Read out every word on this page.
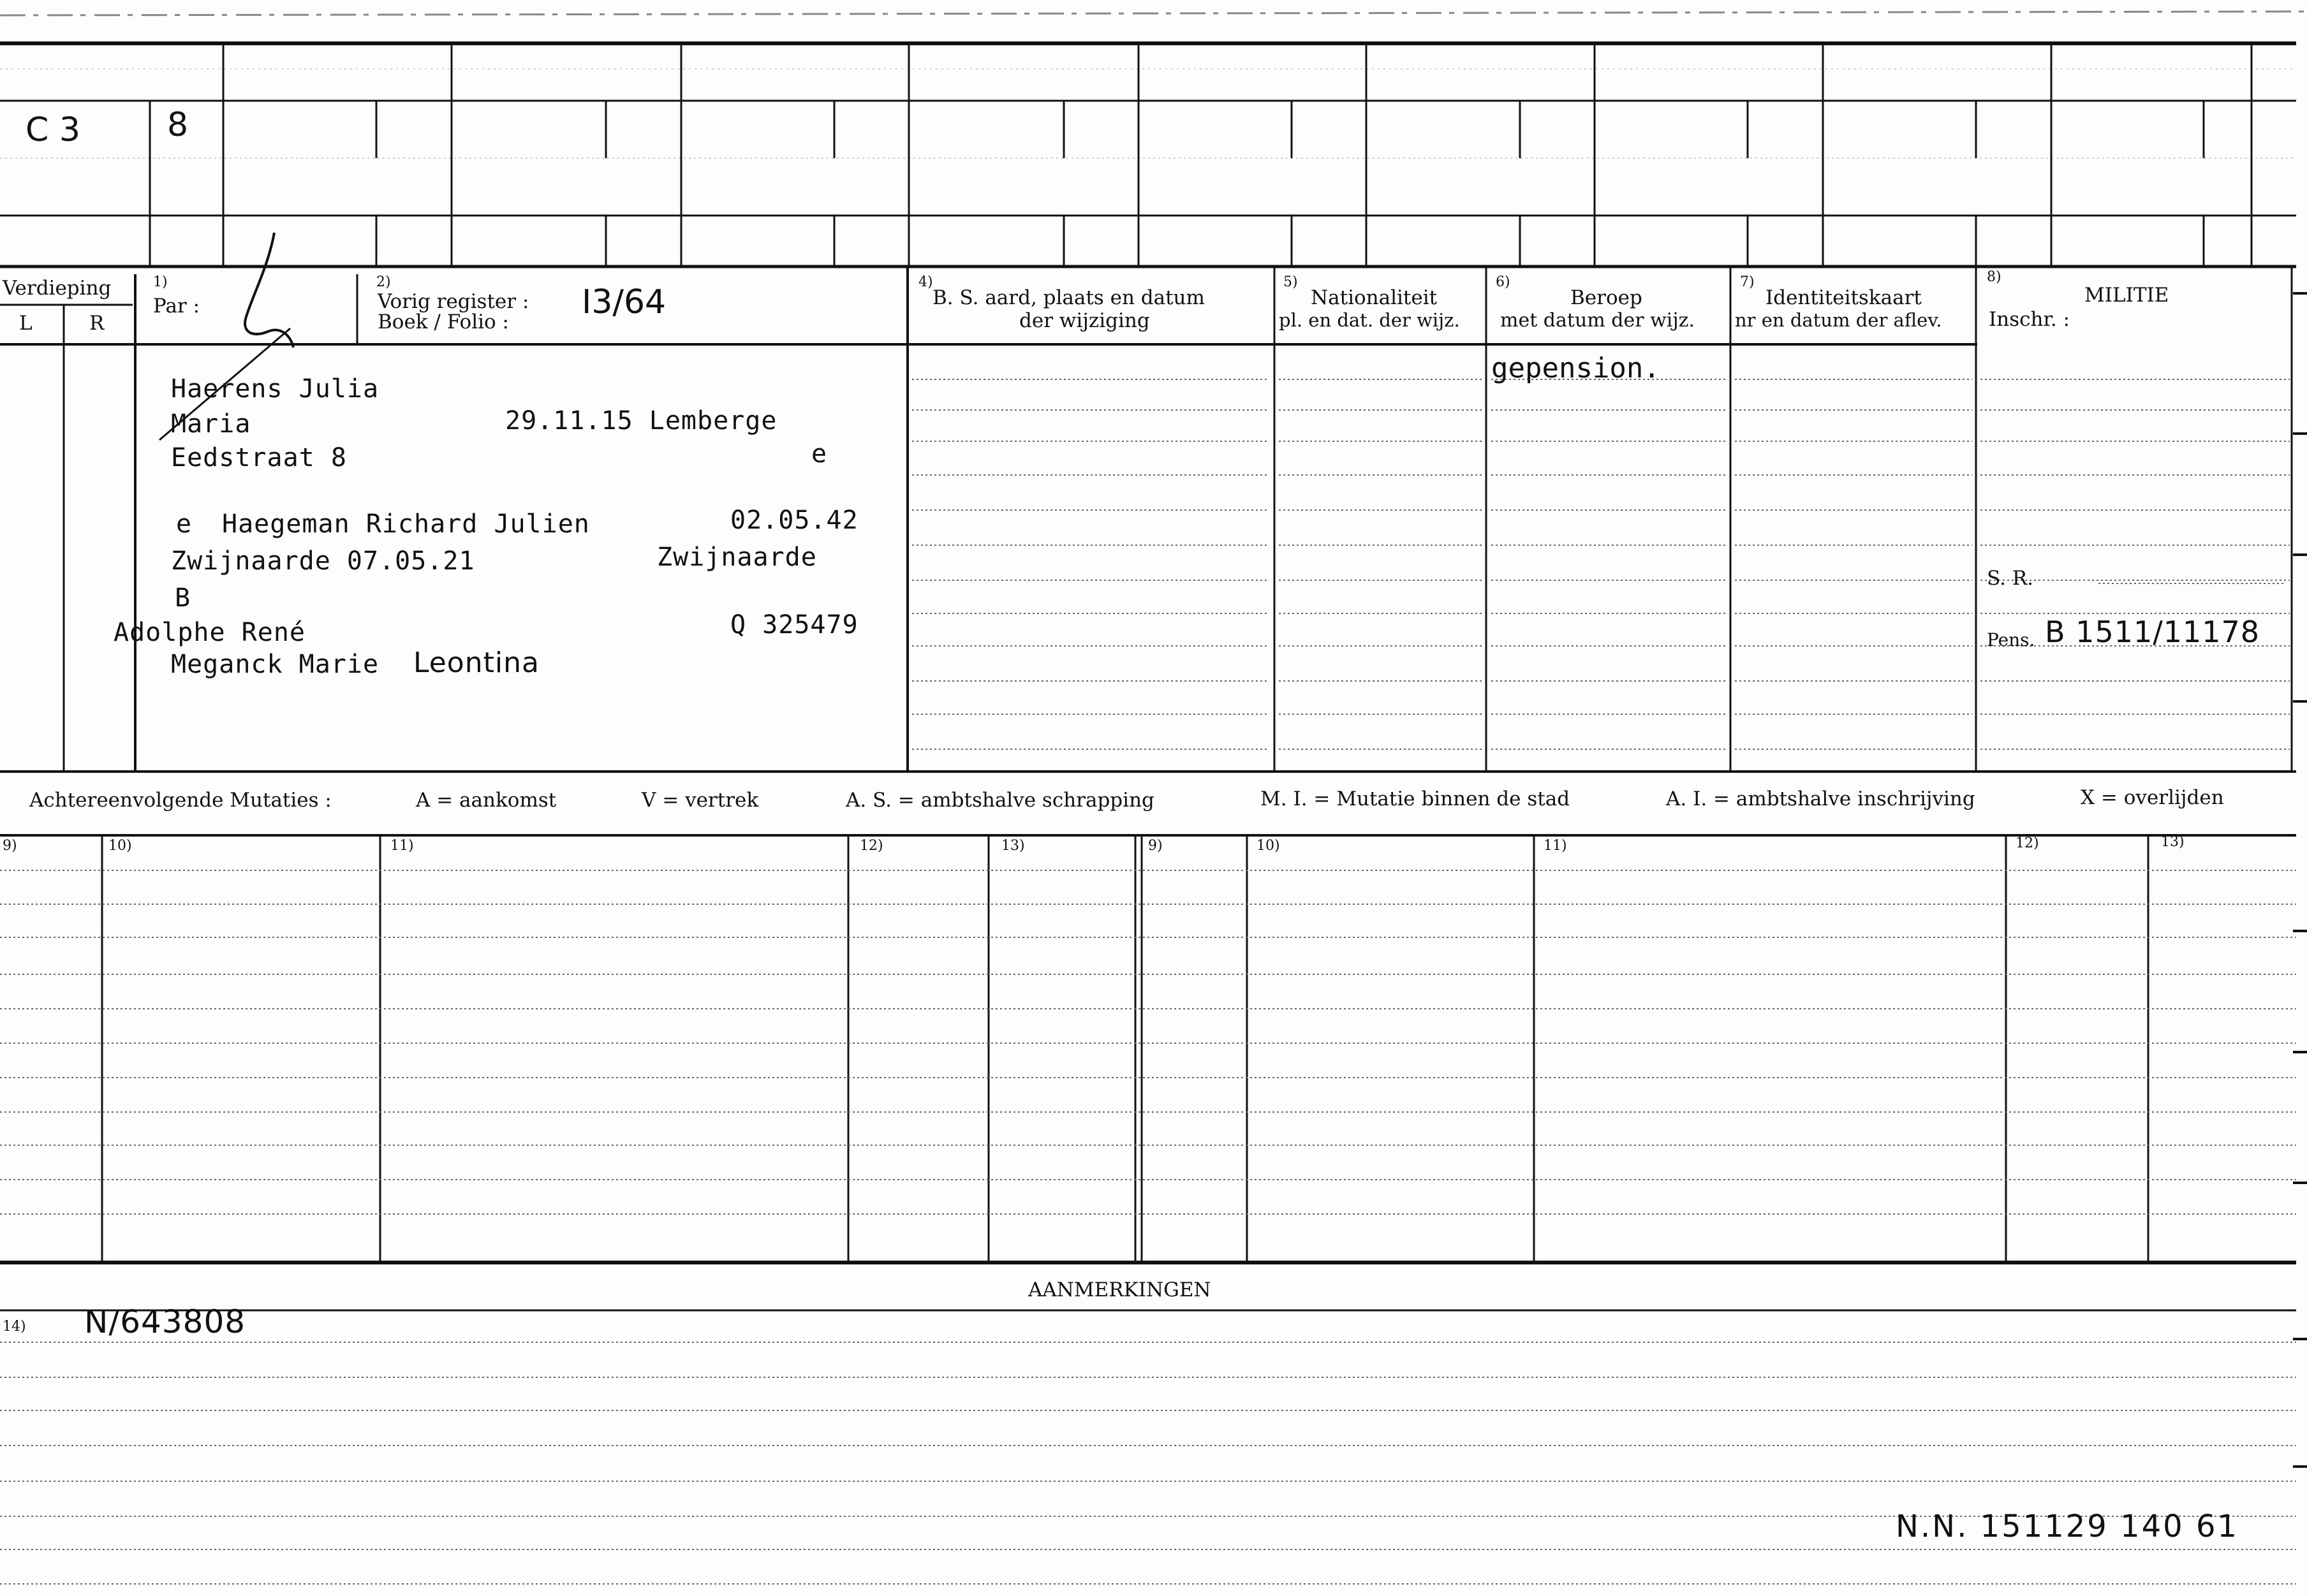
C 3	8
Verdieping
L	R
1)
Par :
2)
Vorig register :
Boek / Folio :
I3/64
4)
B. S. aard, plaats en datum
der wijziging
5)
Nationaliteit
pl. en dat. der wijz.
6)
Beroep
met datum der wijz.
7)
Identiteitskaart
nr en datum der aflev.
8)
MILITIE
Inschr. :
S. R.
Pens. B 1511/11178
gepension.
Haerens Julia
Maria	29.11.15 Lemberge
Eedstraat 8	e
e Haegeman Richard Julien	02.05.42
Zwijnaarde 07.05.21	Zwijnaarde
B
Adolphe René	Q 325479
Meganck Marie Leontina
Achtereenvolgende Mutaties :	A = aankomst	V = vertrek	A. S. = ambtshalve schrapping	M. I. = Mutatie binnen de stad	A. I. = ambtshalve inschrijving	X = overlijden
9)	10)	11)	12)	13)	9)	10)	11)	12)	13)
AANMERKINGEN
14) N/643808
N.N. 151129 140 61
